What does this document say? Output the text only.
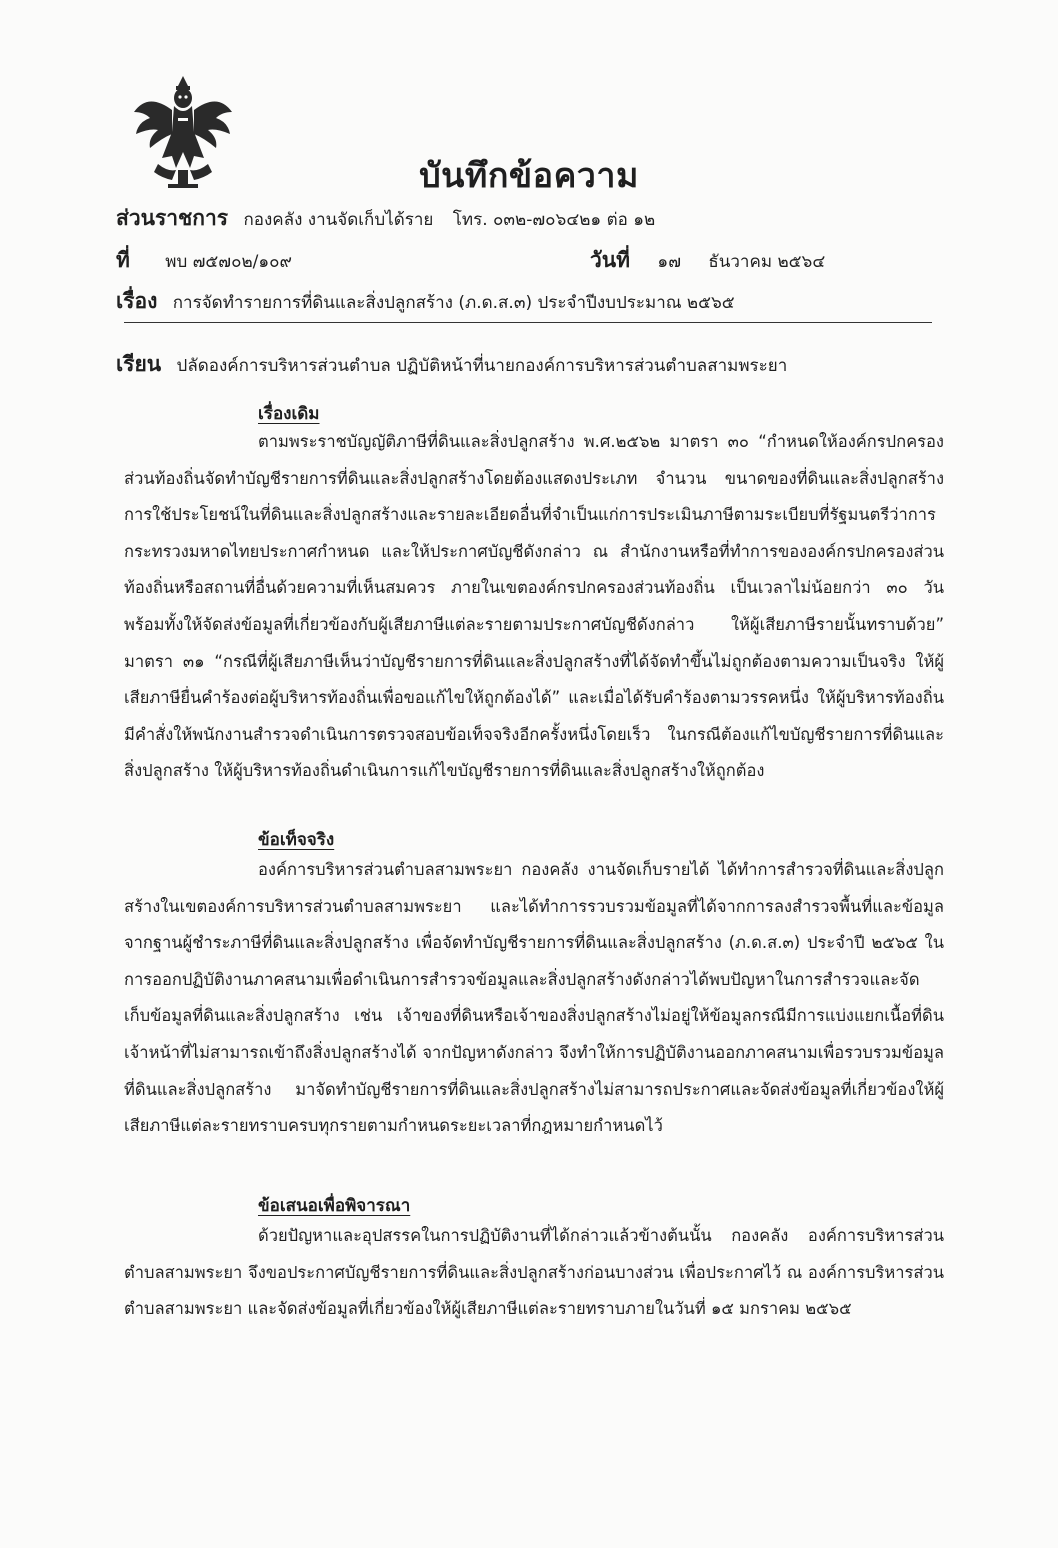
บันทึกข้อความ
ส่วนราชการ กองคลัง งานจัดเก็บได้ราย โทร. ๐๓๒-๗๐๖๔๒๑ ต่อ ๑๒
ที่ พบ ๗๕๗๐๒/๑๐๙	วันที่ ๑๗ ธันวาคม ๒๕๖๔
เรื่อง การจัดทำรายการที่ดินและสิ่งปลูกสร้าง (ภ.ด.ส.๓) ประจำปีงบประมาณ ๒๕๖๕
เรียน ปลัดองค์การบริหารส่วนตำบล ปฏิบัติหน้าที่นายกองค์การบริหารส่วนตำบลสามพระยา
เรื่องเดิม

ตามพระราชบัญญัติภาษีที่ดินและสิ่งปลูกสร้าง พ.ศ.๒๕๖๒ มาตรา ๓๐ “กำหนดให้องค์กรปกครองส่วนท้องถิ่นจัดทำบัญชีรายการที่ดินและสิ่งปลูกสร้างโดยต้องแสดงประเภท จำนวน ขนาดของที่ดินและสิ่งปลูกสร้าง การใช้ประโยชน์ในที่ดินและสิ่งปลูกสร้างและรายละเอียดอื่นที่จำเป็นแก่การประเมินภาษีตามระเบียบที่รัฐมนตรีว่าการกระทรวงมหาดไทยประกาศกำหนด และให้ประกาศบัญชีดังกล่าว ณ สำนักงานหรือที่ทำการขององค์กรปกครองส่วนท้องถิ่นหรือสถานที่อื่นด้วยความที่เห็นสมควร ภายในเขตองค์กรปกครองส่วนท้องถิ่น เป็นเวลาไม่น้อยกว่า ๓๐ วัน พร้อมทั้งให้จัดส่งข้อมูลที่เกี่ยวข้องกับผู้เสียภาษีแต่ละรายตามประกาศบัญชีดังกล่าว ให้ผู้เสียภาษีรายนั้นทราบด้วย” มาตรา ๓๑ “กรณีที่ผู้เสียภาษีเห็นว่าบัญชีรายการที่ดินและสิ่งปลูกสร้างที่ได้จัดทำขึ้นไม่ถูกต้องตามความเป็นจริง ให้ผู้เสียภาษียื่นคำร้องต่อผู้บริหารท้องถิ่นเพื่อขอแก้ไขให้ถูกต้องได้” และเมื่อได้รับคำร้องตามวรรคหนึ่ง ให้ผู้บริหารท้องถิ่นมีคำสั่งให้พนักงานสำรวจดำเนินการตรวจสอบข้อเท็จจริงอีกครั้งหนึ่งโดยเร็ว ในกรณีต้องแก้ไขบัญชีรายการที่ดินและสิ่งปลูกสร้าง ให้ผู้บริหารท้องถิ่นดำเนินการแก้ไขบัญชีรายการที่ดินและสิ่งปลูกสร้างให้ถูกต้อง

ข้อเท็จจริง

องค์การบริหารส่วนตำบลสามพระยา กองคลัง งานจัดเก็บรายได้ ได้ทำการสำรวจที่ดินและสิ่งปลูกสร้างในเขตองค์การบริหารส่วนตำบลสามพระยา และได้ทำการรวบรวมข้อมูลที่ได้จากการลงสำรวจพื้นที่และข้อมูลจากฐานผู้ชำระภาษีที่ดินและสิ่งปลูกสร้าง เพื่อจัดทำบัญชีรายการที่ดินและสิ่งปลูกสร้าง (ภ.ด.ส.๓) ประจำปี ๒๕๖๕ ในการออกปฏิบัติงานภาคสนามเพื่อดำเนินการสำรวจข้อมูลและสิ่งปลูกสร้างดังกล่าวได้พบปัญหาในการสำรวจและจัดเก็บข้อมูลที่ดินและสิ่งปลูกสร้าง เช่น เจ้าของที่ดินหรือเจ้าของสิ่งปลูกสร้างไม่อยู่ให้ข้อมูลกรณีมีการแบ่งแยกเนื้อที่ดินเจ้าหน้าที่ไม่สามารถเข้าถึงสิ่งปลูกสร้างได้ จากปัญหาดังกล่าว จึงทำให้การปฏิบัติงานออกภาคสนามเพื่อรวบรวมข้อมูลที่ดินและสิ่งปลูกสร้าง มาจัดทำบัญชีรายการที่ดินและสิ่งปลูกสร้างไม่สามารถประกาศและจัดส่งข้อมูลที่เกี่ยวข้องให้ผู้เสียภาษีแต่ละรายทราบครบทุกรายตามกำหนดระยะเวลาที่กฎหมายกำหนดไว้

ข้อเสนอเพื่อพิจารณา

ด้วยปัญหาและอุปสรรคในการปฏิบัติงานที่ได้กล่าวแล้วข้างต้นนั้น กองคลัง องค์การบริหารส่วนตำบลสามพระยา จึงขอประกาศบัญชีรายการที่ดินและสิ่งปลูกสร้างก่อนบางส่วน เพื่อประกาศไว้ ณ องค์การบริหารส่วนตำบลสามพระยา และจัดส่งข้อมูลที่เกี่ยวข้องให้ผู้เสียภาษีแต่ละรายทราบภายในวันที่ ๑๕ มกราคม ๒๕๖๕
